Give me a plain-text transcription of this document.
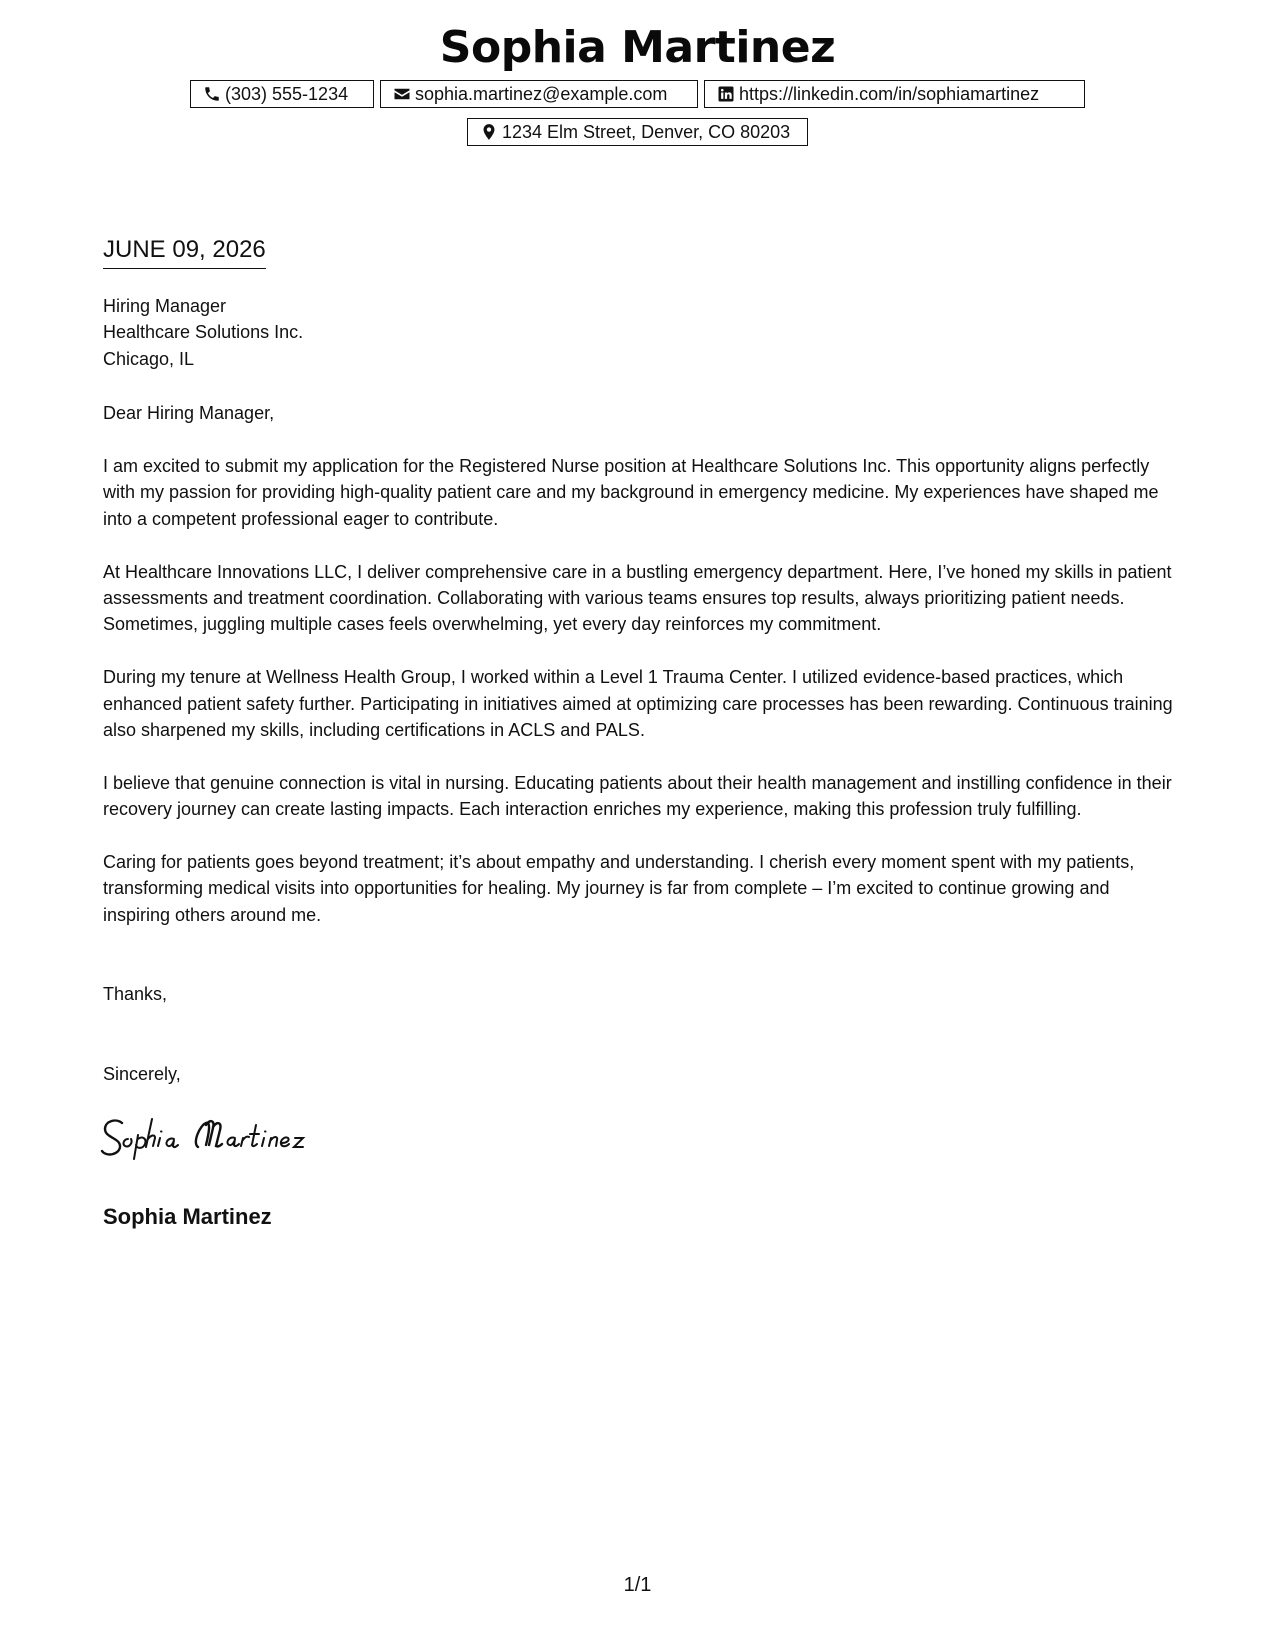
Sophia Martinez
(303) 555-1234	sophia.martinez@example.com	https://linkedin.com/in/sophiamartinez
1234 Elm Street, Denver, CO 80203
JUNE 09, 2026
Hiring Manager
Healthcare Solutions Inc.
Chicago, IL
Dear Hiring Manager,

I am excited to submit my application for the Registered Nurse position at Healthcare Solutions Inc. This opportunity aligns perfectly with my passion for providing high-quality patient care and my background in emergency medicine. My experiences have shaped me into a competent professional eager to contribute.

At Healthcare Innovations LLC, I deliver comprehensive care in a bustling emergency department. Here, I’ve honed my skills in patient assessments and treatment coordination. Collaborating with various teams ensures top results, always prioritizing patient needs. Sometimes, juggling multiple cases feels overwhelming, yet every day reinforces my commitment.

During my tenure at Wellness Health Group, I worked within a Level 1 Trauma Center. I utilized evidence-based practices, which enhanced patient safety further. Participating in initiatives aimed at optimizing care processes has been rewarding. Continuous training also sharpened my skills, including certifications in ACLS and PALS.

I believe that genuine connection is vital in nursing. Educating patients about their health management and instilling confidence in their recovery journey can create lasting impacts. Each interaction enriches my experience, making this profession truly fulfilling.

Caring for patients goes beyond treatment; it’s about empathy and understanding. I cherish every moment spent with my patients, transforming medical visits into opportunities for healing. My journey is far from complete – I’m excited to continue growing and inspiring others around me.

Thanks,
Sincerely,
Sophia Martinez
1/1
